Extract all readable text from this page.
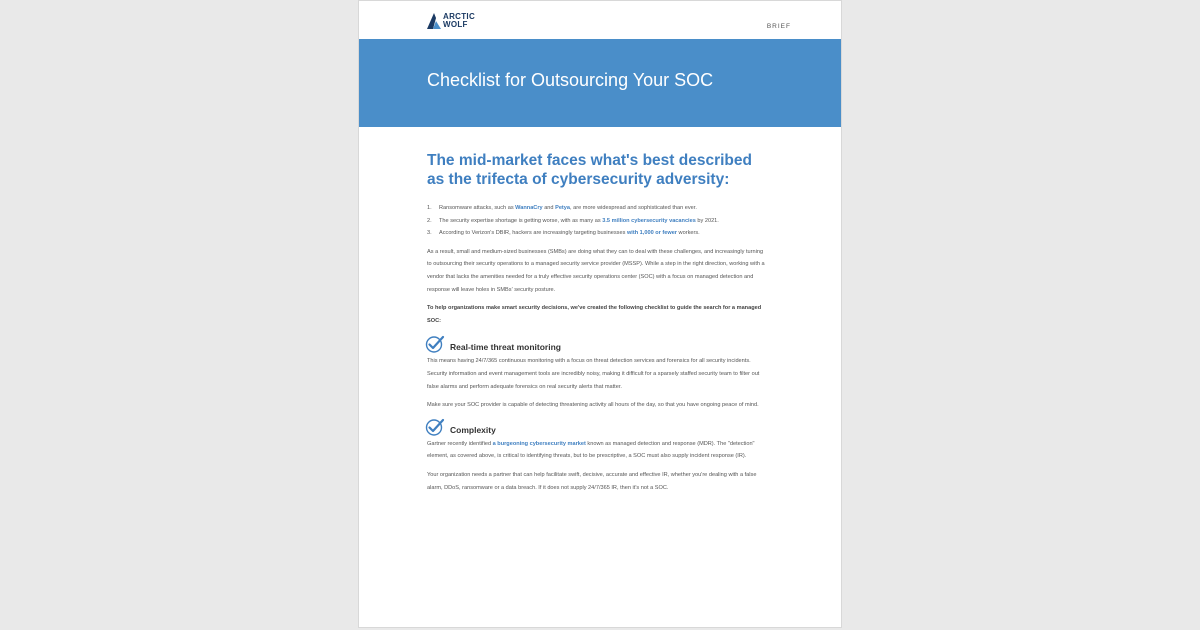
ARCTIC
WOLF	BRIEF
Checklist for Outsourcing Your SOC
The mid-market faces what's best described as the trifecta of cybersecurity adversity:
1. Ransomware attacks, such as WannaCry and Petya, are more widespread and sophisticated than ever.
2. The security expertise shortage is getting worse, with as many as 3.5 million cybersecurity vacancies by 2021.
3. According to Verizon's DBIR, hackers are increasingly targeting businesses with 1,000 or fewer workers.

As a result, small and medium-sized businesses (SMBs) are doing what they can to deal with these challenges, and increasingly turning to outsourcing their security operations to a managed security service provider (MSSP). While a step in the right direction, working with a vendor that lacks the amenities needed for a truly effective security operations center (SOC) with a focus on managed detection and response will leave holes in SMBs' security posture.

To help organizations make smart security decisions, we've created the following checklist to guide the search for a managed SOC:

Real-time threat monitoring

This means having 24/7/365 continuous monitoring with a focus on threat detection services and forensics for all security incidents. Security information and event management tools are incredibly noisy, making it difficult for a sparsely staffed security team to filter out false alarms and perform adequate forensics on real security alerts that matter.

Make sure your SOC provider is capable of detecting threatening activity all hours of the day, so that you have ongoing peace of mind.

Complexity

Gartner recently identified a burgeoning cybersecurity market known as managed detection and response (MDR). The "detection" element, as covered above, is critical to identifying threats, but to be prescriptive, a SOC must also supply incident response (IR).

Your organization needs a partner that can help facilitate swift, decisive, accurate and effective IR, whether you're dealing with a false alarm, DDoS, ransomware or a data breach. If it does not supply 24/7/365 IR, then it's not a SOC.
